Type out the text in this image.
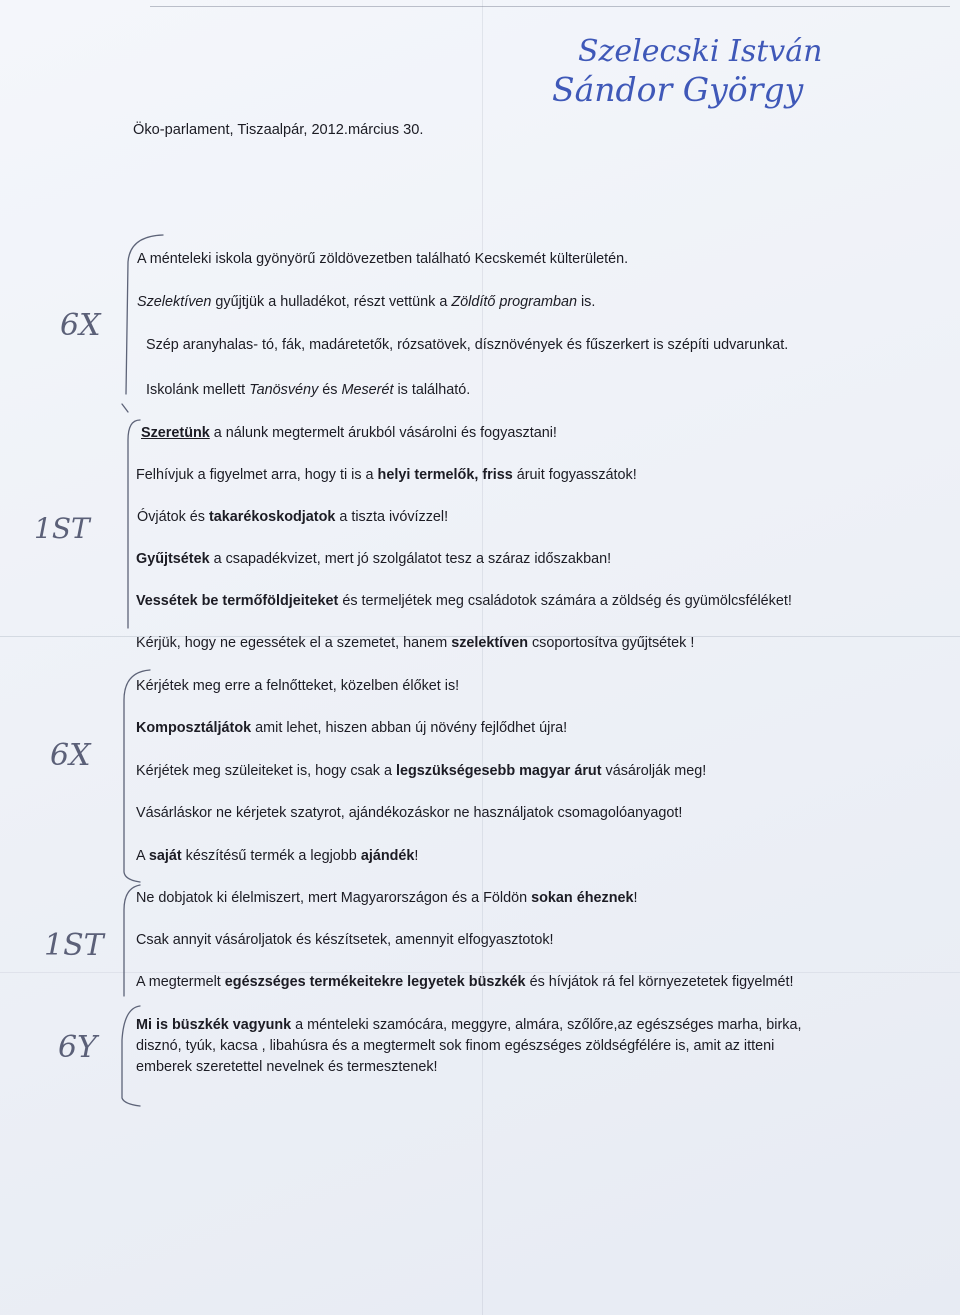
Szelecski István
Sándor György
6X
1ST
6X
1ST
6Y

Öko-parlament, Tiszaalpár, 2012.március 30.

A ménteleki iskola gyönyörű zöldövezetben található Kecskemét külterületén.

Szelektíven gyűjtjük a hulladékot, részt vettünk a Zöldítő programban is.

Szép aranyhalas- tó, fák, madáretetők, rózsatövek, dísznövények és fűszerkert is szépíti udvarunkat.

Iskolánk mellett Tanösvény és Meserét is található.

Szeretünk a nálunk megtermelt árukból vásárolni és fogyasztani!

Felhívjuk a figyelmet arra, hogy ti is a helyi termelők, friss áruit fogyasszátok!

Óvjátok és takarékoskodjatok a tiszta ivóvízzel!

Gyűjtsétek a csapadékvizet, mert jó szolgálatot tesz a száraz időszakban!

Vessétek be termőföldjeiteket és termeljétek meg családotok számára a zöldség és gyümölcsféléket!

Kérjük, hogy ne egessétek el a szemetet, hanem szelektíven csoportosítva gyűjtsétek !

Kérjétek meg erre a felnőtteket, közelben élőket is!

Komposztáljátok amit lehet, hiszen abban új növény fejlődhet újra!

Kérjétek meg szüleiteket is, hogy csak a legszükségesebb magyar árut vásárolják meg!

Vásárláskor ne kérjetek szatyrot, ajándékozáskor ne használjatok csomagolóanyagot!

A saját készítésű termék a legjobb ajándék!

Ne dobjatok ki élelmiszert, mert Magyarországon és a Földön sokan éheznek!

Csak annyit vásároljatok és készítsetek, amennyit elfogyasztotok!

A megtermelt egészséges termékeitekre legyetek büszkék és hívjátok rá fel környezetetek figyelmét!

Mi is büszkék vagyunk a ménteleki szamócára, meggyre, almára, szőlőre,az egészséges marha, birka,

disznó, tyúk, kacsa , libahúsra és a megtermelt sok finom egészséges zöldségfélére is, amit az itteni

emberek szeretettel nevelnek és termesztenek!
